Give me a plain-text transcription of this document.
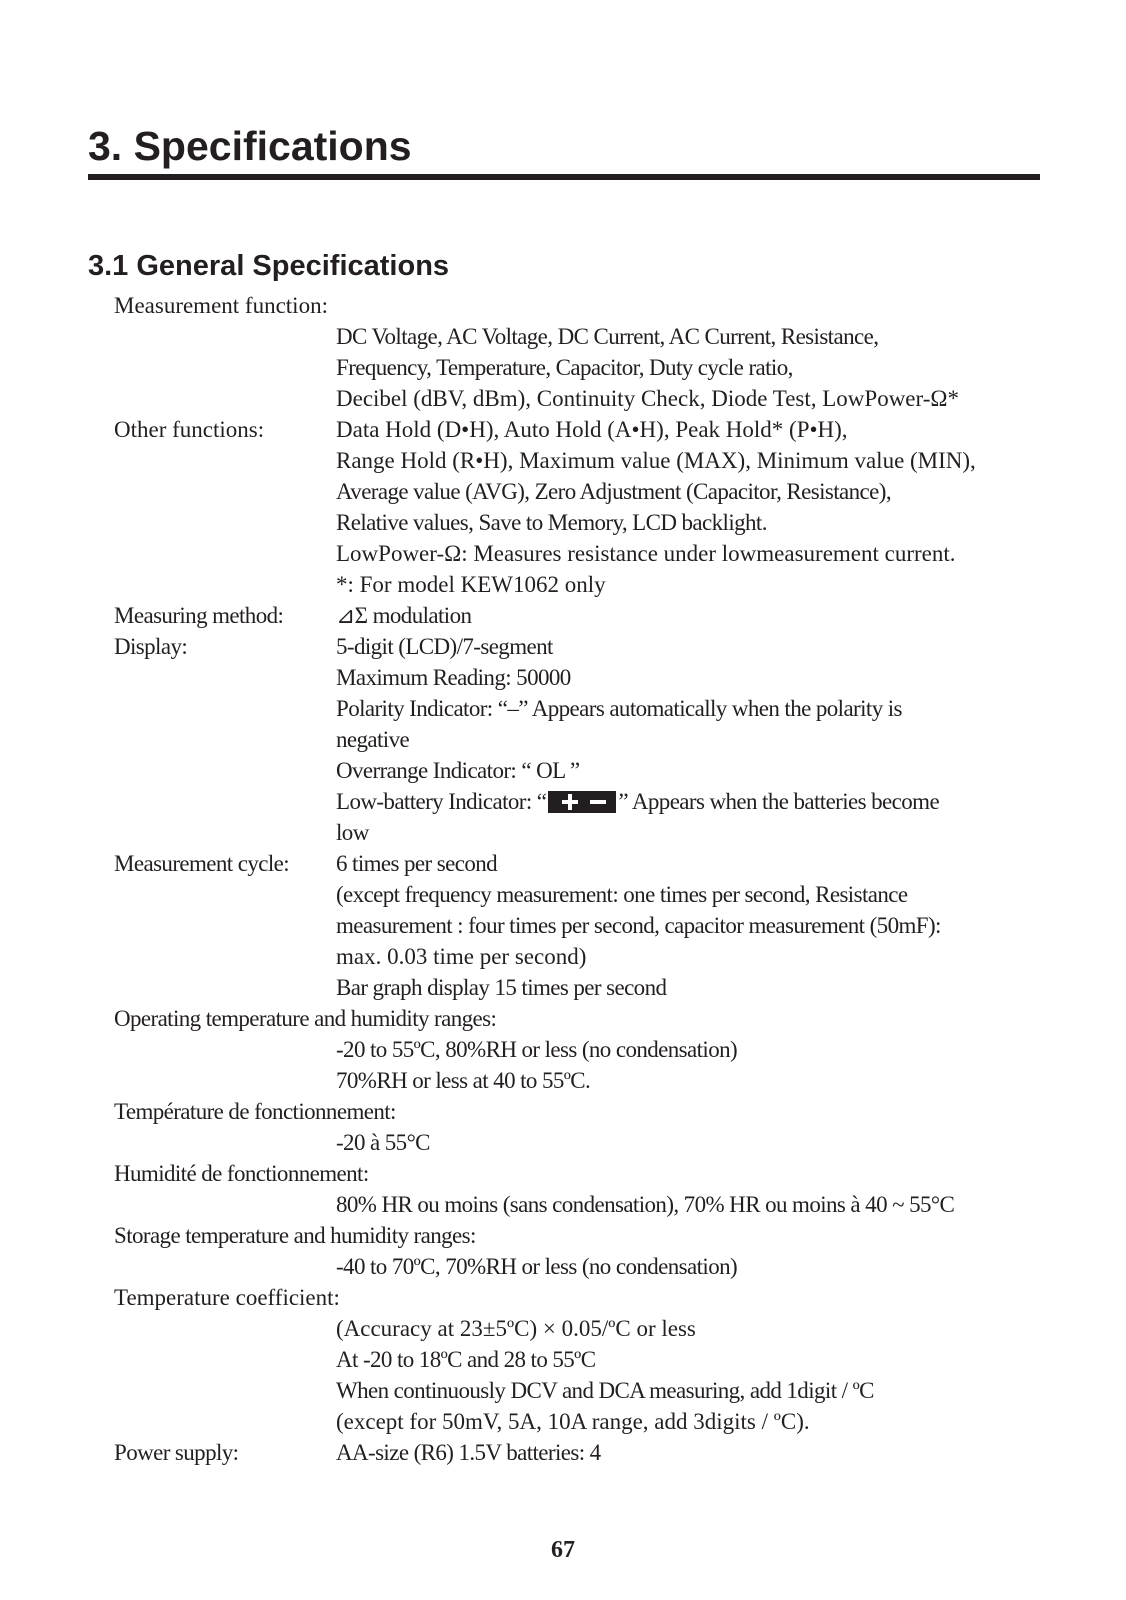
3. Specifications
3.1 General Specifications
Measurement function:
DC Voltage, AC Voltage, DC Current, AC Current, Resistance,
Frequency, Temperature, Capacitor, Duty cycle ratio,
Decibel (dBV, dBm), Continuity Check, Diode Test, LowPower-Ω*
Other functions:	Data Hold (D•H), Auto Hold (A•H), Peak Hold* (P•H),
Range Hold (R•H), Maximum value (MAX), Minimum value (MIN),
Average value (AVG), Zero Adjustment (Capacitor, Resistance),
Relative values, Save to Memory, LCD backlight.
LowPower-Ω: Measures resistance under lowmeasurement current.
*: For model KEW1062 only
Measuring method: ⊿Σ modulation
Display:	5-digit (LCD)/7-segment
Maximum Reading: 50000
Polarity Indicator: “–” Appears automatically when the polarity is
negative
Overrange Indicator: “ OL ”
Low-battery Indicator: “	” Appears when the batteries become
low
Measurement cycle: 6 times per second
(except frequency measurement: one times per second, Resistance
measurement : four times per second, capacitor measurement (50mF):
max. 0.03 time per second)
Bar graph display 15 times per second
Operating temperature and humidity ranges:
-20 to 55ºC, 80%RH or less (no condensation)
70%RH or less at 40 to 55ºC.
Température de fonctionnement:
-20 à 55°C
Humidité de fonctionnement:
80% HR ou moins (sans condensation), 70% HR ou moins à 40 ~ 55°C
Storage temperature and humidity ranges:
-40 to 70ºC, 70%RH or less (no condensation)
Temperature coefficient:
(Accuracy at 23±5ºC) × 0.05/ºC or less
At -20 to 18ºC and 28 to 55ºC
When continuously DCV and DCA measuring, add 1digit / ºC
(except for 50mV, 5A, 10A range, add 3digits / ºC).
Power supply:	AA-size (R6) 1.5V batteries: 4
67
